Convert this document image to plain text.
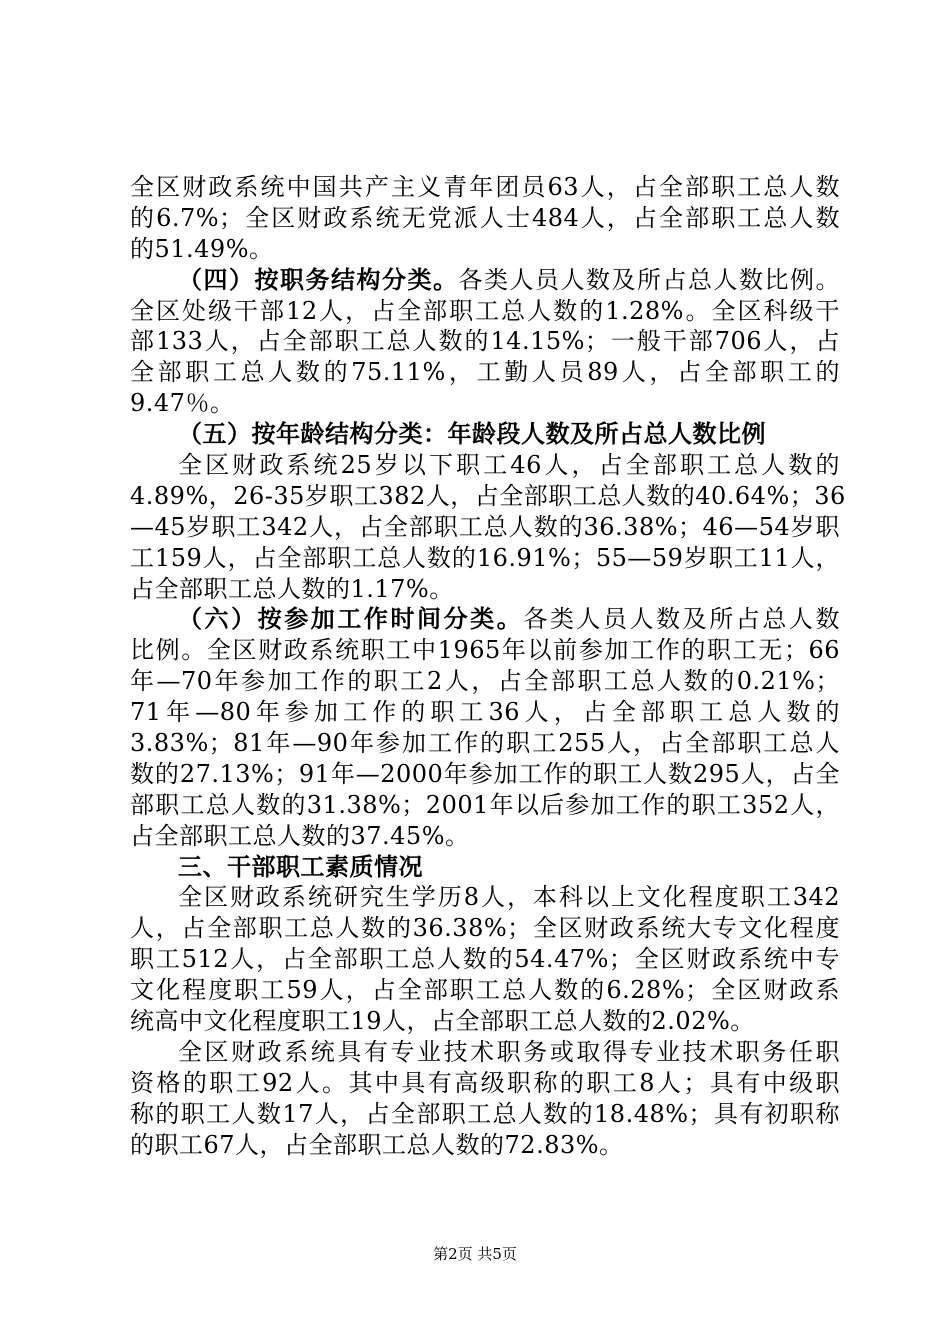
全区财政系统中国共产主义青年团员63人，占全部职工总人数
的6.7%；全区财政系统无党派人士484人，占全部职工总人数
的51.49%。
（四）按职务结构分类。各类人员人数及所占总人数比例。
全区处级干部12人，占全部职工总人数的1.28%。全区科级干
部133人，占全部职工总人数的14.15%；一般干部706人，占
全部职工总人数的75.11%，工勤人员89人，占全部职工的
9.47％。
（五）按年龄结构分类：年龄段人数及所占总人数比例
全区财政系统25岁以下职工46人，占全部职工总人数的
4.89%，26-35岁职工382人，占全部职工总人数的40.64%；36
—45岁职工342人，占全部职工总人数的36.38%；46—54岁职
工159人，占全部职工总人数的16.91%；55—59岁职工11人，
占全部职工总人数的1.17%。
（六）按参加工作时间分类。各类人员人数及所占总人数
比例。全区财政系统职工中1965年以前参加工作的职工无；66
年—70年参加工作的职工2人，占全部职工总人数的0.21%；
71年—80年参加工作的职工36人，占全部职工总人数的
3.83%；81年—90年参加工作的职工255人，占全部职工总人
数的27.13%；91年—2000年参加工作的职工人数295人，占全
部职工总人数的31.38%；2001年以后参加工作的职工352人，
占全部职工总人数的37.45%。
三、干部职工素质情况
全区财政系统研究生学历8人，本科以上文化程度职工342
人，占全部职工总人数的36.38%；全区财政系统大专文化程度
职工512人，占全部职工总人数的54.47%；全区财政系统中专
文化程度职工59人，占全部职工总人数的6.28%；全区财政系
统高中文化程度职工19人，占全部职工总人数的2.02%。
全区财政系统具有专业技术职务或取得专业技术职务任职
资格的职工92人。其中具有高级职称的职工8人；具有中级职
称的职工人数17人，占全部职工总人数的18.48%；具有初职称
的职工67人，占全部职工总人数的72.83%。
第2页 共5页
